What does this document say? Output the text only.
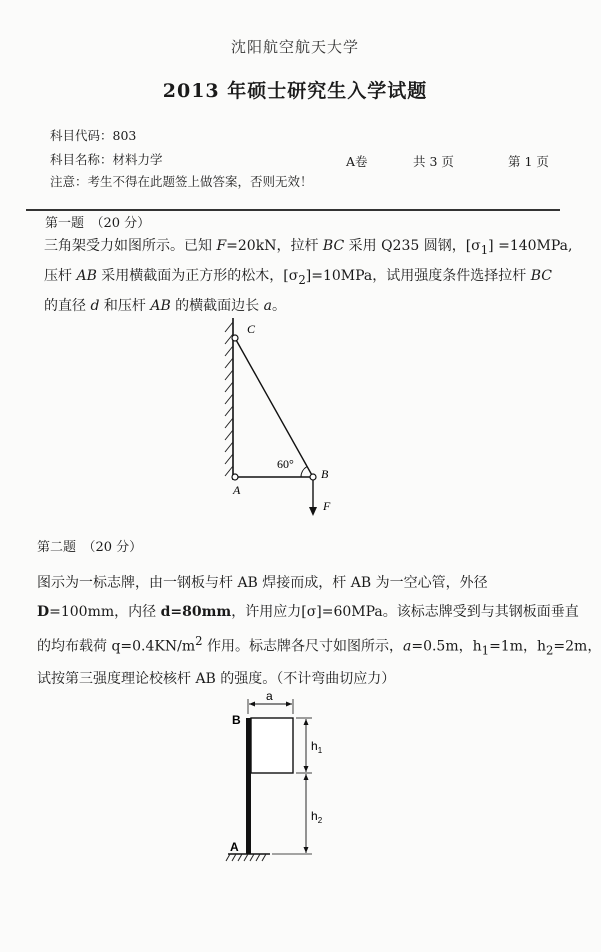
沈阳航空航天大学
2013 年硕士研究生入学试题
科目代码：803
科目名称：材料力学	A卷	共 3 页	第 1 页
注意：考生不得在此题签上做答案，否则无效！
第一题　（20 分）
三角架受力如图所示。已知 F=20kN，拉杆 BC 采用 Q235 圆钢，$[\sigma_1] =140MPa$,
压杆 AB 采用横截面为正方形的松木，$[\sigma_2]=10MPa$，试用强度条件选择拉杆 BC
的直径 d 和压杆 AB 的横截面边长 a。
C
A
B
F
60°
第二题　（20 分）
图示为一标志牌，由一钢板与杆 AB 焊接而成，杆 AB 为一空心管，外径
D=100mm，内径 d=80mm，许用应力[σ]=60MPa。该标志牌受到与其钢板面垂直
的均布载荷 $q=0.4KN/m^2$ 作用。标志牌各尺寸如图所示，a=0.5m，$h_1=1m$，$h_2=2m$，
试按第三强度理论校核杆 AB 的强度。（不计弯曲切应力）
a
B
A
$h_1$
$h_2$
